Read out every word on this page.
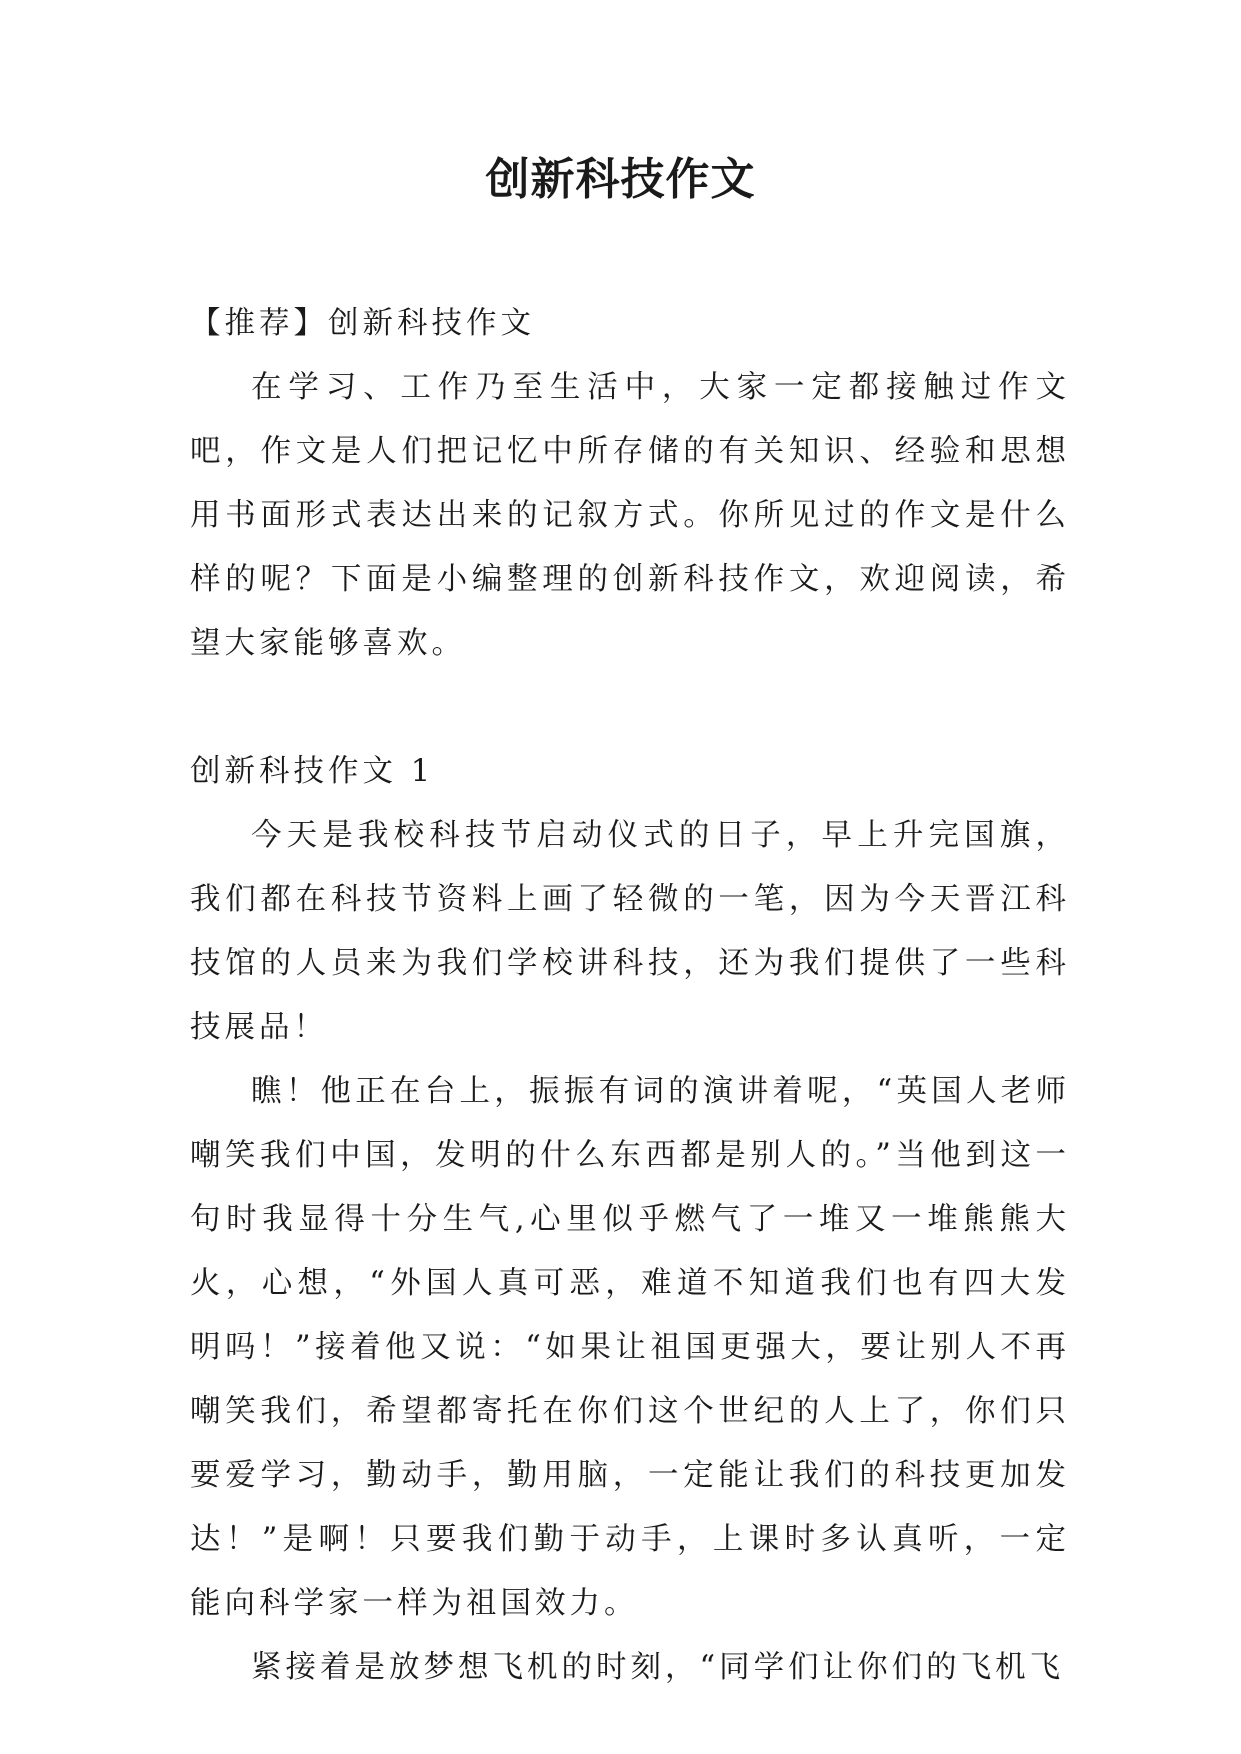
创新科技作文

【推荐】创新科技作文

在学习、工作乃至生活中，大家一定都接触过作文吧，作文是人们把记忆中所存储的有关知识、经验和思想用书面形式表达出来的记叙方式。你所见过的作文是什么样的呢？下面是小编整理的创新科技作文，欢迎阅读，希望大家能够喜欢。

创新科技作文 1

今天是我校科技节启动仪式的日子，早上升完国旗，我们都在科技节资料上画了轻微的一笔，因为今天晋江科技馆的人员来为我们学校讲科技，还为我们提供了一些科技展品！

瞧！他正在台上，振振有词的演讲着呢，“英国人老师嘲笑我们中国，发明的什么东西都是别人的。”当他到这一句时我显得十分生气,心里似乎燃气了一堆又一堆熊熊大火，心想，“外国人真可恶，难道不知道我们也有四大发明吗！”接着他又说：“如果让祖国更强大，要让别人不再嘲笑我们，希望都寄托在你们这个世纪的人上了，你们只要爱学习，勤动手，勤用脑，一定能让我们的科技更加发达！”是啊！只要我们勤于动手，上课时多认真听，一定能向科学家一样为祖国效力。

紧接着是放梦想飞机的时刻，“同学们让你们的飞机飞
